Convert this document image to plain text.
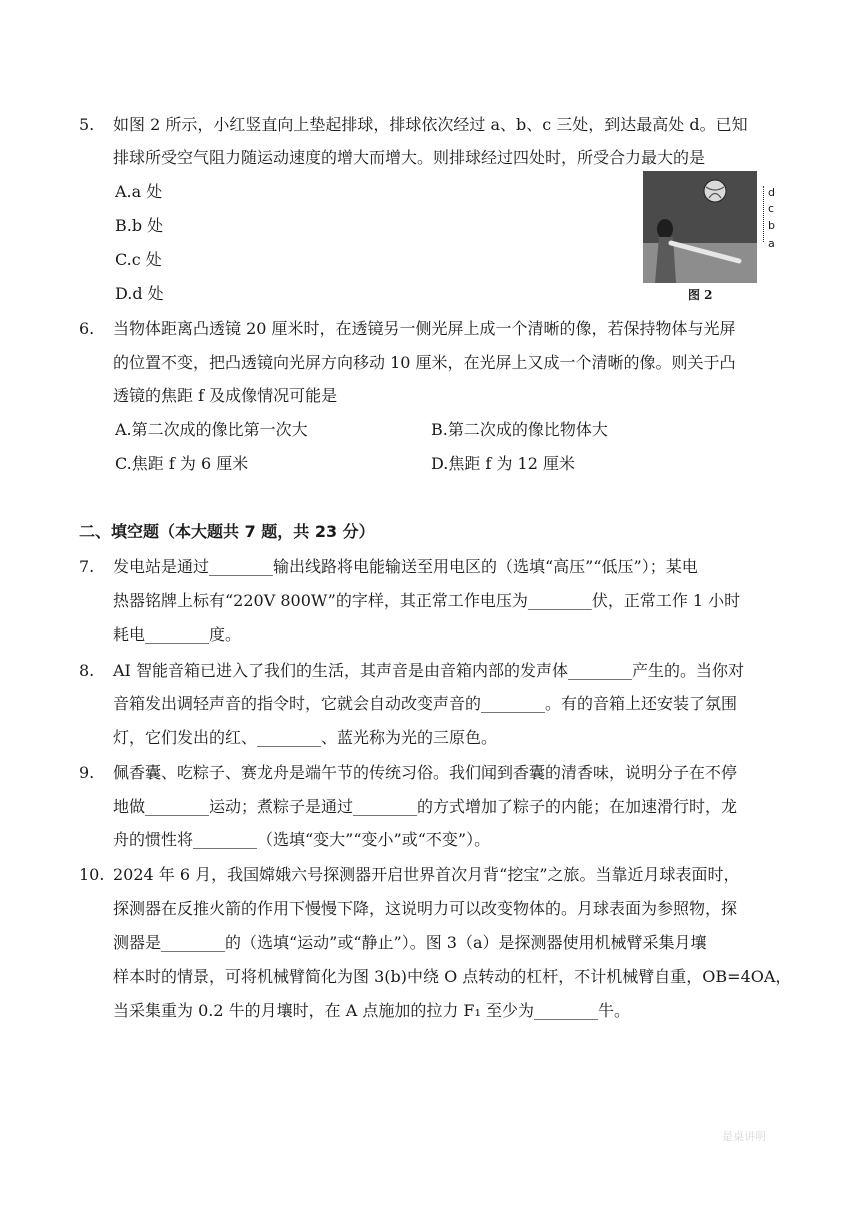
5. 如图 2 所示，小红竖直向上垫起排球，排球依次经过 a、b、c 三处，到达最高处 d。已知
排球所受空气阻力随运动速度的增大而增大。则排球经过四处时，所受合力最大的是
A.a 处
B.b 处
C.c 处
D.d 处
d
c
b
a
图 2
6. 当物体距离凸透镜 20 厘米时，在透镜另一侧光屏上成一个清晰的像，若保持物体与光屏
的位置不变，把凸透镜向光屏方向移动 10 厘米，在光屏上又成一个清晰的像。则关于凸
透镜的焦距 f 及成像情况可能是
A.第二次成的像比第一次大	B.第二次成的像比物体大
C.焦距 f 为 6 厘米	D.焦距 f 为 12 厘米
二、填空题（本大题共 7 题，共 23 分）
7. 发电站是通过________输出线路将电能输送至用电区的（选填“高压”“低压”）；某电
热器铭牌上标有“220V 800W”的字样，其正常工作电压为________伏，正常工作 1 小时
耗电________度。
8. AI 智能音箱已进入了我们的生活，其声音是由音箱内部的发声体________产生的。当你对
音箱发出调轻声音的指令时，它就会自动改变声音的________。有的音箱上还安装了氛围
灯，它们发出的红、________、蓝光称为光的三原色。
9. 佩香囊、吃粽子、赛龙舟是端午节的传统习俗。我们闻到香囊的清香味，说明分子在不停
地做________运动；煮粽子是通过________的方式增加了粽子的内能；在加速滑行时，龙
舟的惯性将________（选填“变大”“变小”或“不变”）。
10. 2024 年 6 月，我国嫦娥六号探测器开启世界首次月背“挖宝”之旅。当靠近月球表面时，
探测器在反推火箭的作用下慢慢下降，这说明力可以改变物体的。月球表面为参照物，探
测器是________的（选填“运动”或“静止”）。图 3（a）是探测器使用机械臂采集月壤
样本时的情景，可将机械臂简化为图 3(b)中绕 O 点转动的杠杆，不计机械臂自重，OB=4OA，
当采集重为 0.2 牛的月壤时，在 A 点施加的拉力 F₁ 至少为________牛。
是桌讲明
